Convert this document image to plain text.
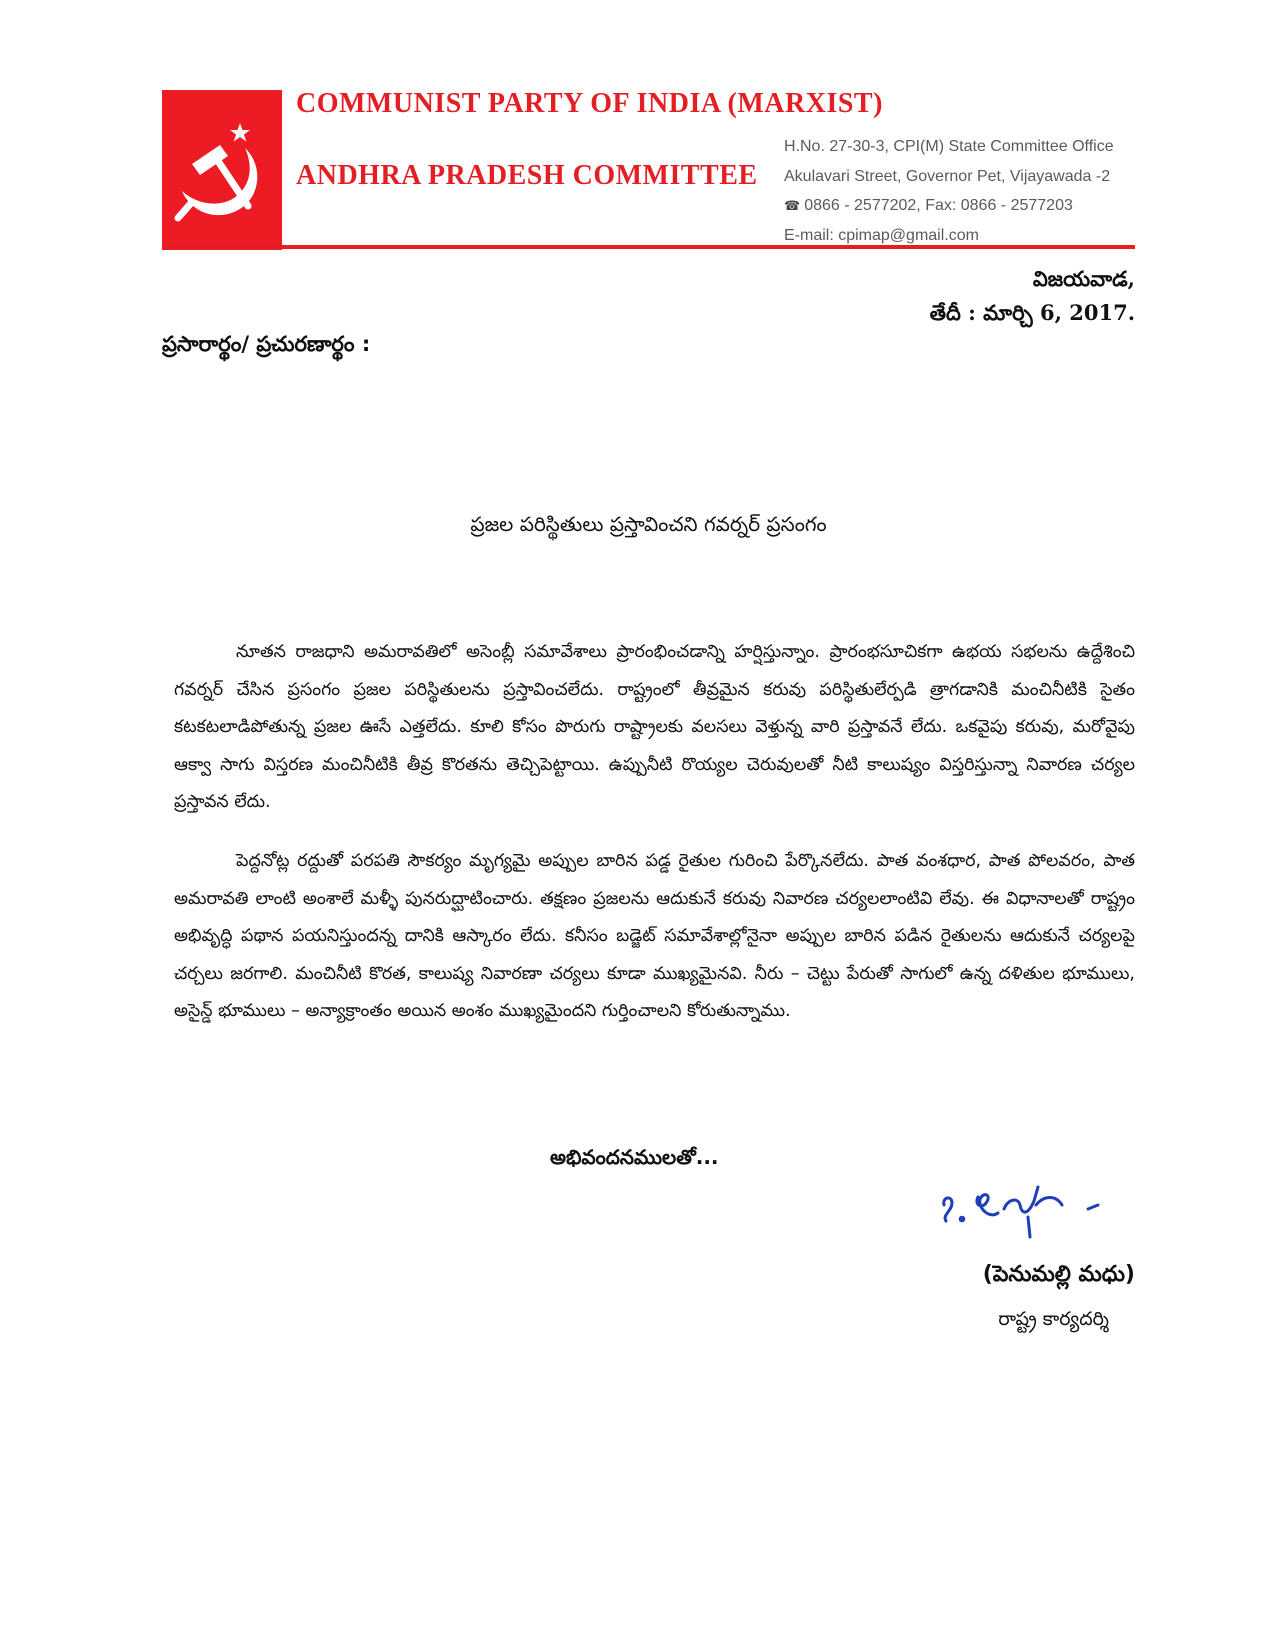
COMMUNIST PARTY OF INDIA (MARXIST)
ANDHRA PRADESH COMMITTEE
H.No. 27-30-3, CPI(M) State Committee Office
Akulavari Street, Governor Pet, Vijayawada -2
☎ 0866 - 2577202, Fax: 0866 - 2577203
E-mail: cpimap@gmail.com
విజయవాడ,
తేదీ : మార్చి 6, 2017.
ప్రసారార్థం/ ప్రచురణార్థం :
ప్రజల పరిస్థితులు ప్రస్తావించని గవర్నర్ ప్రసంగం

నూతన రాజధాని అమరావతిలో అసెంబ్లీ సమావేశాలు ప్రారంభించడాన్ని హర్షిస్తున్నాం. ప్రారంభసూచికగా ఉభయ సభలను ఉద్దేశించి గవర్నర్ చేసిన ప్రసంగం ప్రజల పరిస్థితులను ప్రస్తావించలేదు. రాష్ట్రంలో తీవ్రమైన కరువు పరిస్థితులేర్పడి త్రాగడానికి మంచినీటికి సైతం కటకటలాడిపోతున్న ప్రజల ఊసే ఎత్తలేదు. కూలి కోసం పొరుగు రాష్ట్రాలకు వలసలు వెళ్తున్న వారి ప్రస్తావనే లేదు. ఒకవైపు కరువు, మరోవైపు ఆక్వా సాగు విస్తరణ మంచినీటికి తీవ్ర కొరతను తెచ్చిపెట్టాయి. ఉప్పునీటి రొయ్యల చెరువులతో నీటి కాలుష్యం విస్తరిస్తున్నా నివారణ చర్యల ప్రస్తావన లేదు.

పెద్దనోట్ల రద్దుతో పరపతి సౌకర్యం మృగ్యమై అప్పుల బారిన పడ్డ రైతుల గురించి పేర్కొనలేదు. పాత వంశధార, పాత పోలవరం, పాత అమరావతి లాంటి అంశాలే మళ్ళీ పునరుద్ఘాటించారు. తక్షణం ప్రజలను ఆదుకునే కరువు నివారణ చర్యలలాంటివి లేవు. ఈ విధానాలతో రాష్ట్రం అభివృద్ధి పథాన పయనిస్తుందన్న దానికి ఆస్కారం లేదు. కనీసం బడ్జెట్ సమావేశాల్లోనైనా అప్పుల బారిన పడిన రైతులను ఆదుకునే చర్యలపై చర్చలు జరగాలి. మంచినీటి కొరత, కాలుష్య నివారణా చర్యలు కూడా ముఖ్యమైనవి. నీరు – చెట్టు పేరుతో సాగులో ఉన్న దళితుల భూములు, అసైన్డ్ భూములు – అన్యాక్రాంతం అయిన అంశం ముఖ్యమైందని గుర్తించాలని కోరుతున్నాము.

అభివందనములతో...
(పెనుమల్లి మధు)
రాష్ట్ర కార్యదర్శి
